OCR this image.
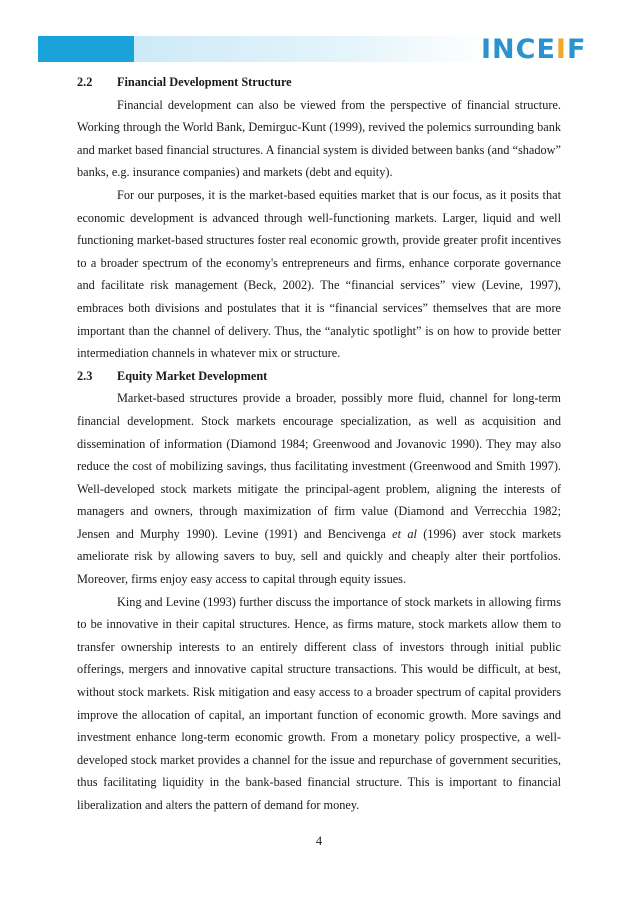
INCEIF

2.2 Financial Development Structure

Financial development can also be viewed from the perspective of financial structure. Working through the World Bank, Demirguc-Kunt (1999), revived the polemics surrounding bank and market based financial structures. A financial system is divided between banks (and “shadow” banks, e.g. insurance companies) and markets (debt and equity).

For our purposes, it is the market-based equities market that is our focus, as it posits that economic development is advanced through well-functioning markets. Larger, liquid and well functioning market-based structures foster real economic growth, provide greater profit incentives to a broader spectrum of the economy's entrepreneurs and firms, enhance corporate governance and facilitate risk management (Beck, 2002). The “financial services” view (Levine, 1997), embraces both divisions and postulates that it is “financial services” themselves that are more important than the channel of delivery. Thus, the “analytic spotlight” is on how to provide better intermediation channels in whatever mix or structure.

2.3 Equity Market Development

Market-based structures provide a broader, possibly more fluid, channel for long-term financial development. Stock markets encourage specialization, as well as acquisition and dissemination of information (Diamond 1984; Greenwood and Jovanovic 1990). They may also reduce the cost of mobilizing savings, thus facilitating investment (Greenwood and Smith 1997). Well-developed stock markets mitigate the principal-agent problem, aligning the interests of managers and owners, through maximization of firm value (Diamond and Verrecchia 1982; Jensen and Murphy 1990). Levine (1991) and Bencivenga et al (1996) aver stock markets ameliorate risk by allowing savers to buy, sell and quickly and cheaply alter their portfolios. Moreover, firms enjoy easy access to capital through equity issues.

King and Levine (1993) further discuss the importance of stock markets in allowing firms to be innovative in their capital structures. Hence, as firms mature, stock markets allow them to transfer ownership interests to an entirely different class of investors through initial public offerings, mergers and innovative capital structure transactions. This would be difficult, at best, without stock markets. Risk mitigation and easy access to a broader spectrum of capital providers improve the allocation of capital, an important function of economic growth. More savings and investment enhance long-term economic growth. From a monetary policy prospective, a well-developed stock market provides a channel for the issue and repurchase of government securities, thus facilitating liquidity in the bank-based financial structure. This is important to financial liberalization and alters the pattern of demand for money.

4
